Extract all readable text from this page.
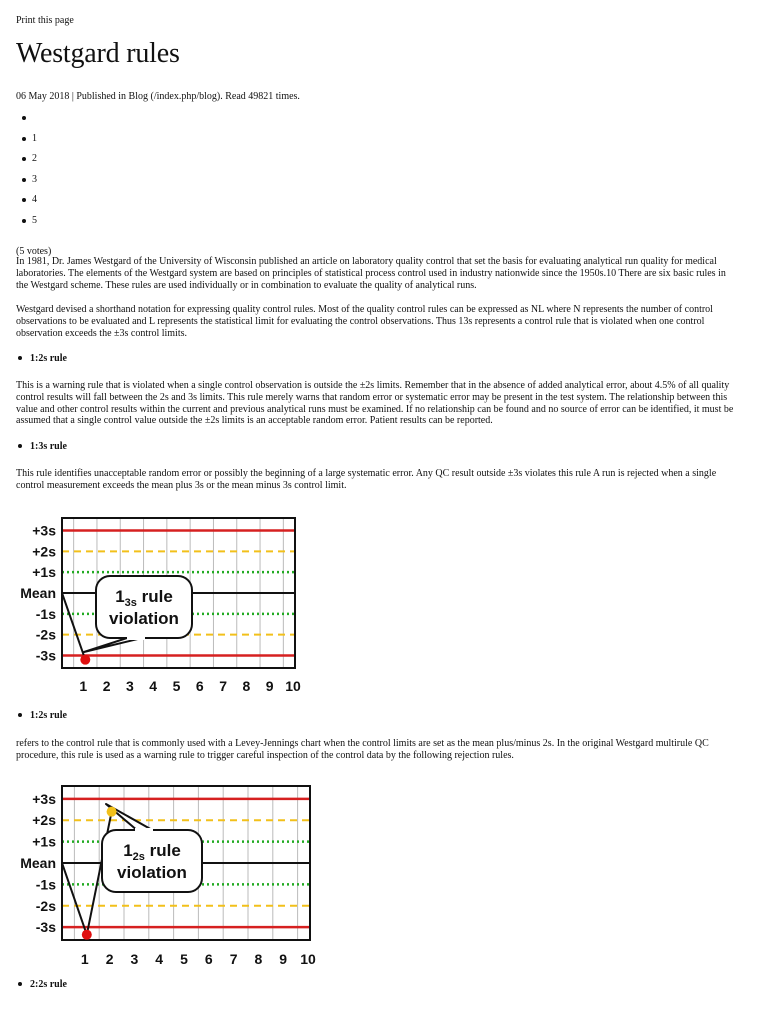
Print this page
Westgard rules
06 May 2018 | Published in Blog (/index.php/blog). Read 49821 times.
1
2
3
4
5
(5 votes)

In 1981, Dr. James Westgard of the University of Wisconsin published an article on laboratory quality control that set the basis for evaluating analytical run quality for medical laboratories. The elements of the Westgard system are based on principles of statistical process control used in industry nationwide since the 1950s.10 There are six basic rules in the Westgard scheme. These rules are used individually or in combination to evaluate the quality of analytical runs.

Westgard devised a shorthand notation for expressing quality control rules. Most of the quality control rules can be expressed as NL where N represents the number of control observations to be evaluated and L represents the statistical limit for evaluating the control observations. Thus 13s represents a control rule that is violated when one control observation exceeds the ±3s control limits.

1:2s rule

This is a warning rule that is violated when a single control observation is outside the ±2s limits. Remember that in the absence of added analytical error, about 4.5% of all quality control results will fall between the 2s and 3s limits. This rule merely warns that random error or systematic error may be present in the test system. The relationship between this value and other control results within the current and previous analytical runs must be examined. If no relationship can be found and no source of error can be identified, it must be assumed that a single control value outside the ±2s limits is an acceptable random error. Patient results can be reported.

1:3s rule

This rule identifies unacceptable random error or possibly the beginning of a large systematic error. Any QC result outside ±3s violates this rule A run is rejected when a single control measurement exceeds the mean plus 3s or the mean minus 3s control limit.

+3s
+2s
+1s
Mean
-1s
-2s
-3s
1 2 3 4 5 6 7 8 9 10
$1_{3s}$ rule
violation
1:2s rule

refers to the control rule that is commonly used with a Levey-Jennings chart when the control limits are set as the mean plus/minus 2s. In the original Westgard multirule QC procedure, this rule is used as a warning rule to trigger careful inspection of the control data by the following rejection rules.

+3s
+2s
+1s
Mean
-1s
-2s
-3s
1 2 3 4 5 6 7 8 9 10
$1_{2s}$ rule
violation
2:2s rule
